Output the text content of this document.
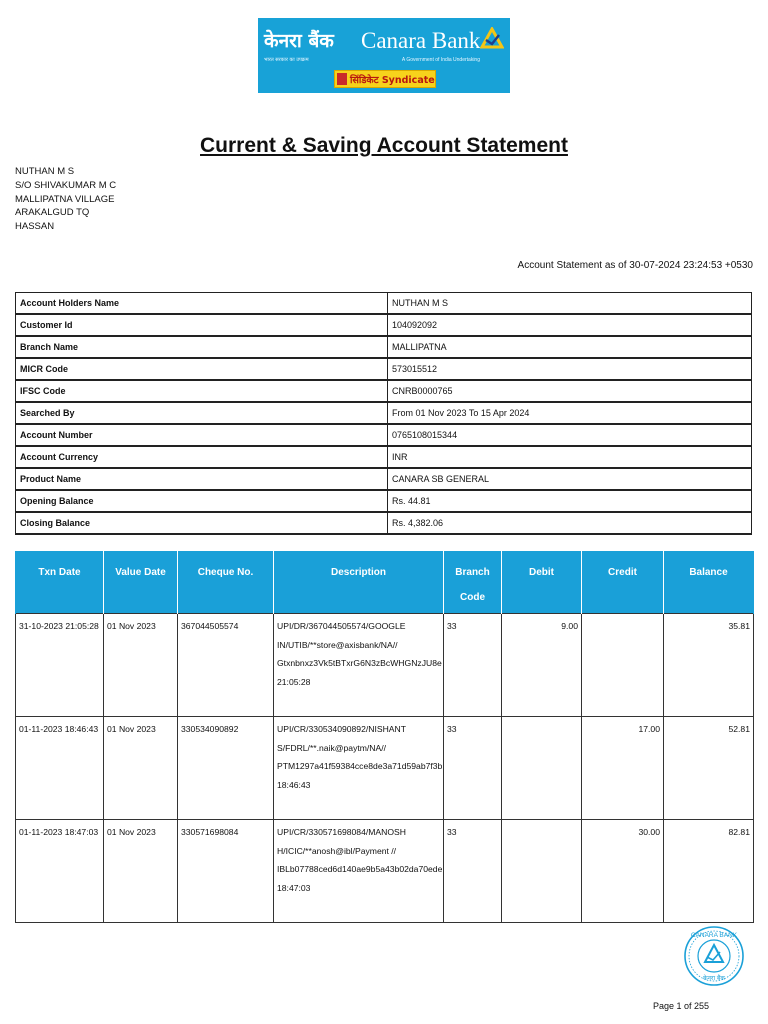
केनरा बैंक Canara Bank
भारत सरकार का उपक्रम	A Government of India Undertaking
सिंडिकेट Syndicate
Current & Saving Account Statement
NUTHAN M S
S/O SHIVAKUMAR M C
MALLIPATNA VILLAGE
ARAKALGUD TQ
HASSAN
Account Statement as of 30-07-2024 23:24:53 +0530
Account Holders Name	NUTHAN M S
Customer Id	104092092
Branch Name	MALLIPATNA
MICR Code	573015512
IFSC Code	CNRB0000765
Searched By	From 01 Nov 2023 To 15 Apr 2024
Account Number	0765108015344
Account Currency	INR
Product Name	CANARA SB GENERAL
Opening Balance	Rs. 44.81
Closing Balance	Rs. 4,382.06
Txn Date	Value Date	Cheque No.	Description	Branch
Code	Debit	Credit	Balance
31-10-2023 21:05:28	01 Nov 2023	367044505574	UPI/DR/367044505574/GOOGLE
IN/UTIB/**store@axisbank/NA//
Gtxnbnxz3Vk5tBTxrG6N3zBcWHGNzJU8e
21:05:28	33	9.00		35.81
01-11-2023 18:46:43	01 Nov 2023	330534090892	UPI/CR/330534090892/NISHANT
S/FDRL/**.naik@paytm/NA//
PTM1297a41f59384cce8de3a71d59ab7f3b
18:46:43	33		17.00	52.81
01-11-2023 18:47:03	01 Nov 2023	330571698084	UPI/CR/330571698084/MANOSH
H/ICIC/**anosh@ibl/Payment //
IBLb07788ced6d140ae9b5a43b02da70ede
18:47:03	33		30.00	82.81
CANARA BANK
केनरा बैंक
Page 1 of 255
